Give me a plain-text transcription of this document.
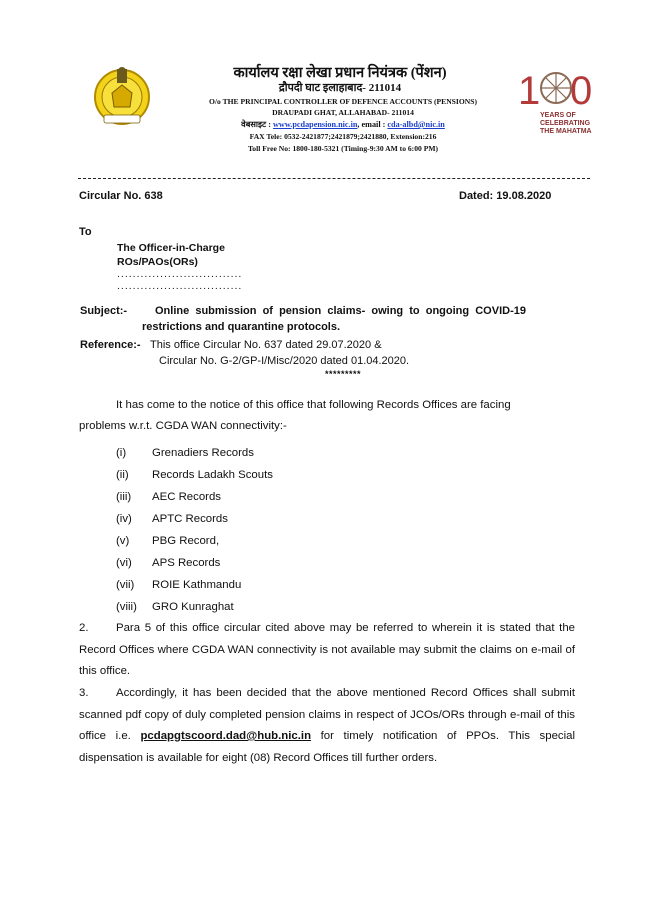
1 0
YEARS OF
CELEBRATING
THE MAHATMA
कार्यालय रक्षा लेखा प्रधान नियंत्रक (पेंशन)
द्रौपदी घाट इलाहाबाद- 211014
O/o THE PRINCIPAL CONTROLLER OF DEFENCE ACCOUNTS (PENSIONS)
DRAUPADI GHAT, ALLAHABAD- 211014
वेबसाइट : www.pcdapension.nic.in, email : cda-albd@nic.in
FAX Tele: 0532-2421877;2421879;2421880, Extension:216
Toll Free No: 1800-180-5321 (Timing-9:30 AM to 6:00 PM)
Circular No. 638	Dated: 19.08.2020
To
The Officer-in-Charge
ROs/PAOs(ORs)
................................
................................
Subject:-	Online  submission  of  pension  claims-  owing  to  ongoing  COVID-19
restrictions and quarantine protocols.
Reference:- This office Circular No. 637 dated 29.07.2020 &
Circular No. G-2/GP-I/Misc/2020 dated 01.04.2020.
*********
It has come to the notice of this office that following Records Offices are facing
problems w.r.t. CGDA WAN connectivity:-
(i) Grenadiers Records
(ii) Records Ladakh Scouts
(iii) AEC Records
(iv) APTC Records
(v) PBG Record,
(vi) APS Records
(vii) ROIE Kathmandu
(viii) GRO Kunraghat
2. Para 5 of this office circular cited above may be referred to wherein it is stated that the Record Offices where CGDA WAN connectivity is not available may submit the claims on e-mail of this office.
3. Accordingly, it has been decided that the above mentioned Record Offices shall submit scanned pdf copy of duly completed pension claims in respect of JCOs/ORs through e-mail of this office i.e. pcdapgtscoord.dad@hub.nic.in for timely notification of PPOs. This special dispensation is available for eight (08) Record Offices till further orders.
